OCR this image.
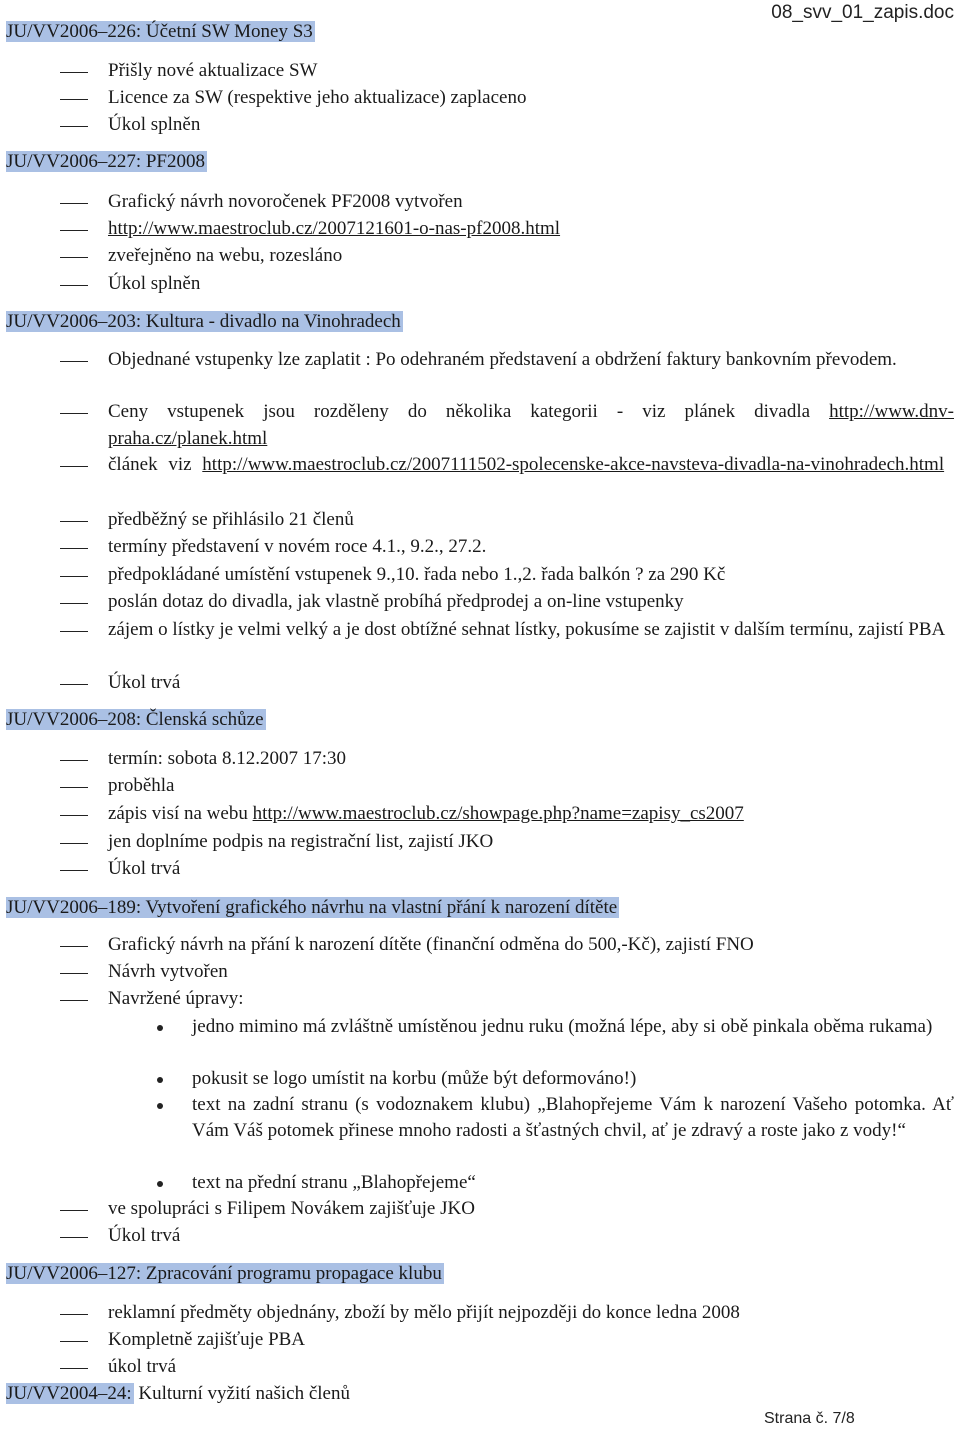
08_svv_01_zapis.doc
JU/VV2006–226: Účetní SW Money S3
Přišly nové aktualizace SW
Licence za SW (respektive jeho aktualizace) zaplaceno
Úkol splněn
JU/VV2006–227: PF2008
Grafický návrh novoročenek PF2008 vytvořen
http://www.maestroclub.cz/2007121601-o-nas-pf2008.html
zveřejněno na webu, rozesláno
Úkol splněn
JU/VV2006–203: Kultura - divadlo na Vinohradech
Objednané vstupenky lze zaplatit : Po odehraném představení a obdržení faktury bankovním převodem.
Ceny vstupenek jsou rozděleny do několika kategorii - viz plánek divadla http://www.dnv-praha.cz/planek.html
článek viz http://www.maestroclub.cz/2007111502-spolecenske-akce-navsteva-divadla-na-vinohradech.html
předběžný se přihlásilo 21 členů
termíny představení v novém roce 4.1., 9.2., 27.2.
předpokládané umístění vstupenek 9.,10. řada nebo 1.,2. řada balkón ? za 290 Kč
poslán dotaz do divadla, jak vlastně probíhá předprodej a on-line vstupenky
zájem o lístky je velmi velký a je dost obtížné sehnat lístky, pokusíme se zajistit v dalším termínu, zajistí PBA
Úkol trvá
JU/VV2006–208: Členská schůze
termín: sobota 8.12.2007 17:30
proběhla
zápis visí na webu http://www.maestroclub.cz/showpage.php?name=zapisy_cs2007
jen doplníme podpis na registrační list, zajistí JKO
Úkol trvá
JU/VV2006–189: Vytvoření grafického návrhu na vlastní přání k narození dítěte
Grafický návrh na přání k narození dítěte (finanční odměna do 500,-Kč), zajistí FNO
Návrh vytvořen
Navržené úpravy:
jedno mimino má zvláštně umístěnou jednu ruku (možná lépe, aby si obě pinkala oběma rukama)
pokusit se logo umístit na korbu (může být deformováno!)
text na zadní stranu (s vodoznakem klubu) „Blahopřejeme Vám k narození Vašeho potomka. Ať Vám Váš potomek přinese mnoho radosti a šťastných chvil, ať je zdravý a roste jako z vody!“
text na přední stranu „Blahopřejeme“
ve spolupráci s Filipem Novákem zajišťuje JKO
Úkol trvá
JU/VV2006–127: Zpracování programu propagace klubu
reklamní předměty objednány, zboží by mělo přijít nejpozději do konce ledna 2008
Kompletně zajišťuje PBA
úkol trvá
JU/VV2004–24: Kulturní vyžití našich členů
Strana č. 7/8
